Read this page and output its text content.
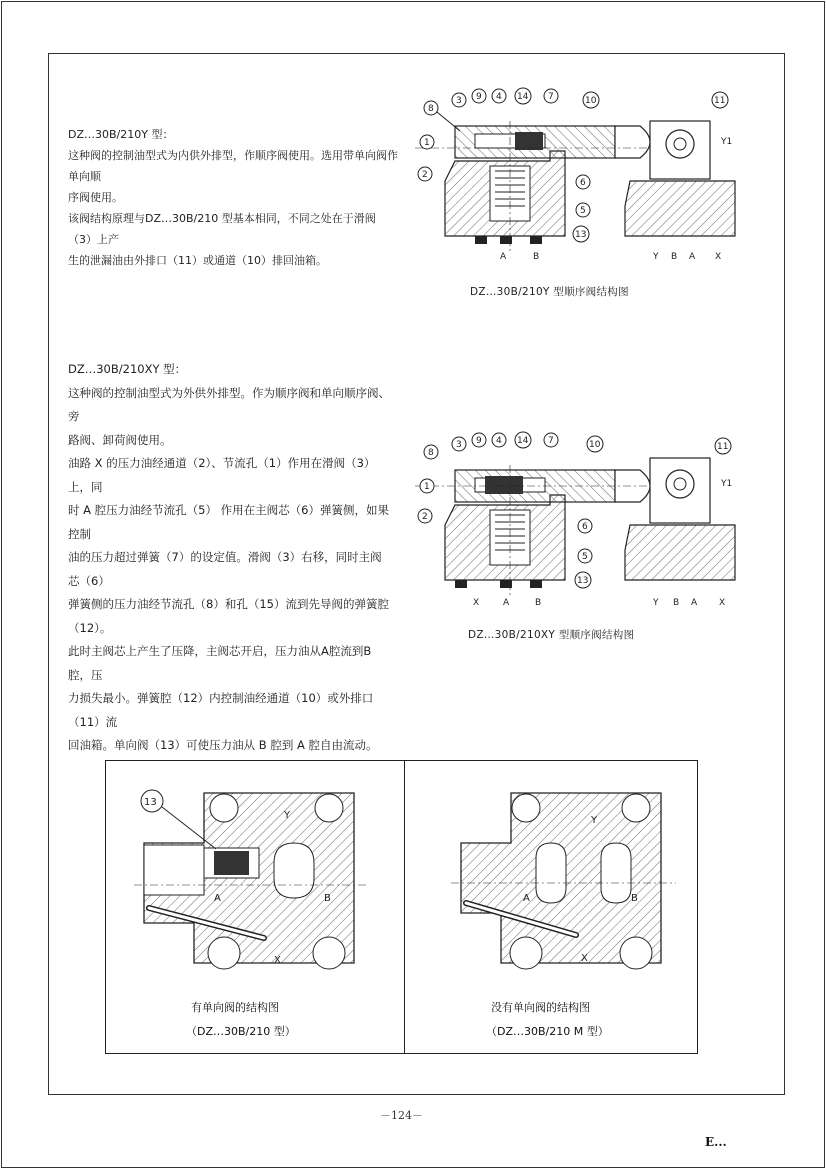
DZ…30B/210Y 型：

这种阀的控制油型式为内供外排型，作顺序阀使用。选用带单向阀作单向顺

序阀使用。

该阀结构原理与DZ…30B/210 型基本相同，不同之处在于滑阀（3）上产

生的泄漏油由外排口（11）或通道（10）排回油箱。

8
3 9 4 14 7	10
1
2
6
5
13
11
A	B
Y1
Y B A X
DZ…30B/210Y 型顺序阀结构图

DZ…30B/210XY 型：

这种阀的控制油型式为外供外排型。作为顺序阀和单向顺序阀、旁

路阀、卸荷阀使用。

油路 X 的压力油经通道（2）、节流孔（1）作用在滑阀（3）上，同

时 A 腔压力油经节流孔（5） 作用在主阀芯（6）弹簧侧，如果控制

油的压力超过弹簧（7）的设定值。滑阀（3）右移，同时主阀芯（6）

弹簧侧的压力油经节流孔（8）和孔（15）流到先导阀的弹簧腔（12）。

此时主阀芯上产生了压降，主阀芯开启，压力油从A腔流到B腔，压

力损失最小。弹簧腔（12）内控制油经通道（10）或外排口（11）流

回油箱。单向阀（13）可使压力油从 B 腔到 A 腔自由流动。

8
3 9 4 14 7	10
1
2
6
5
13
11
X	A	B
Y1
Y B A X
DZ…30B/210XY 型顺序阀结构图
13
Y
A	B
X
有单向阀的结构图
（DZ…30B/210 型）
Y
A	B
X
没有单向阀的结构图
（DZ…30B/210 M 型）
－124－
E...
